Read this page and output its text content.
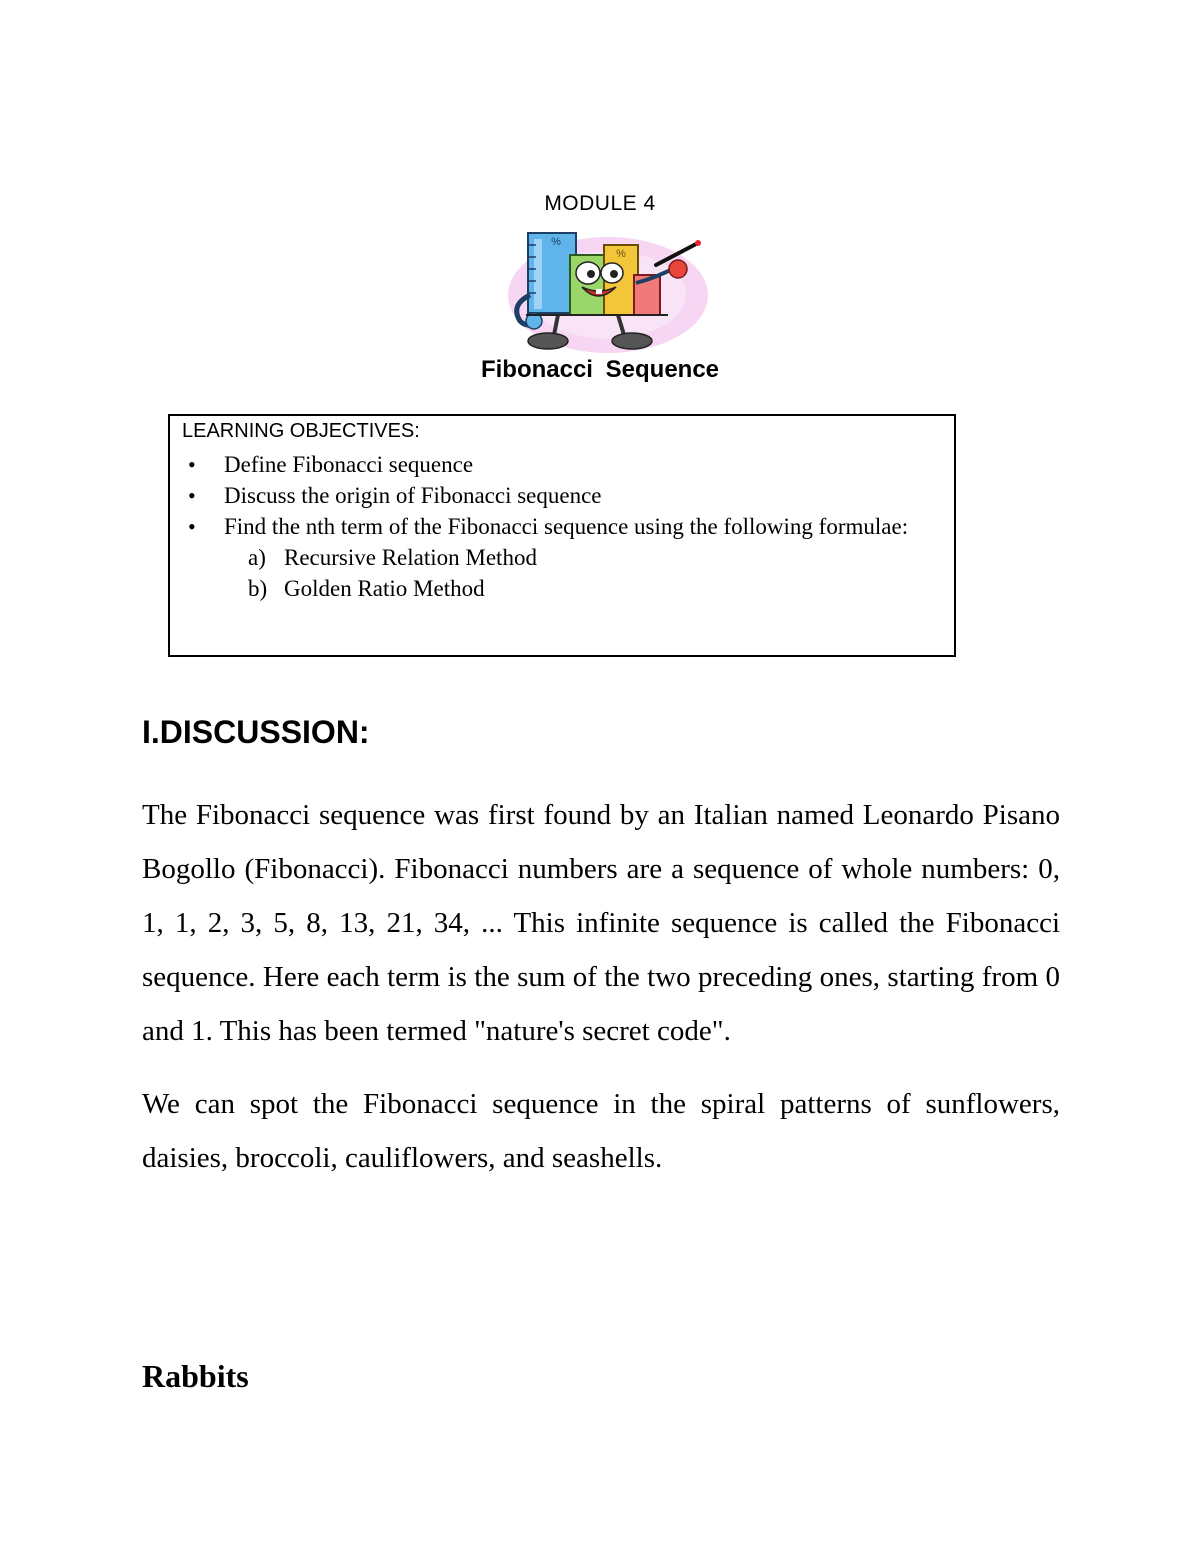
MODULE 4
%
%
Fibonacci Sequence
LEARNING OBJECTIVES:
•	Define Fibonacci sequence
•	Discuss the origin of Fibonacci sequence
•	Find the nth term of the Fibonacci sequence using the following formulae:
a) Recursive Relation Method
b) Golden Ratio Method
I.DISCUSSION:

The Fibonacci sequence was first found by an Italian named Leonardo Pisano Bogollo (Fibonacci). Fibonacci numbers are a sequence of whole numbers: 0, 1, 1, 2, 3, 5, 8, 13, 21, 34, ... This infinite sequence is called the Fibonacci sequence. Here each term is the sum of the two preceding ones, starting from 0 and 1. This has been termed "nature's secret code".

We can spot the Fibonacci sequence in the spiral patterns of sunflowers, daisies, broccoli, cauliflowers, and seashells.

Rabbits
